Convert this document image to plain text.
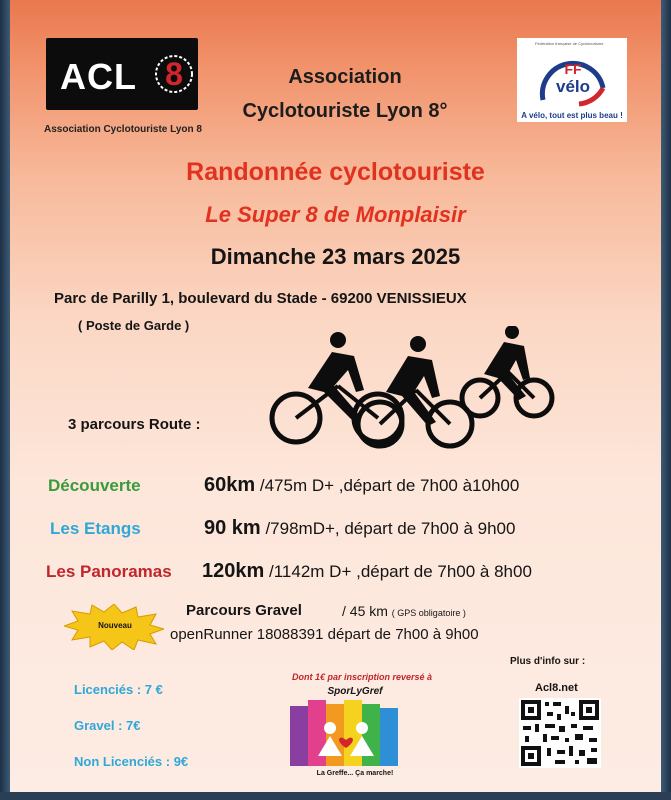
ACL 8
Association Cyclotouriste Lyon 8
Association
Cyclotouriste Lyon 8°
Fédération française de Cyclotourisme
FF
vélo
A vélo, tout est plus beau !
Randonnée cyclotouriste
Le Super 8 de Monplaisir
Dimanche 23 mars 2025
Parc de Parilly 1, boulevard du Stade - 69200 VENISSIEUX
( Poste de Garde )
3 parcours Route :
Découverte	60km /475m D+ ,départ de 7h00 à10h00
Les Etangs	90 km /798mD+, départ de 7h00 à 9h00
Les Panoramas 120km /1142m D+ ,départ de 7h00 à 8h00
Nouveau
Parcours Gravel	/ 45 km ( GPS obligatoire )
openRunner 18088391 départ de 7h00 à 9h00
Licenciés : 7 €
Gravel : 7€
Non Licenciés : 9€
Dont 1€ par inscription reversé à
SporLyGref
La Greffe... Ça marche!
Plus d'info sur :
Acl8.net
